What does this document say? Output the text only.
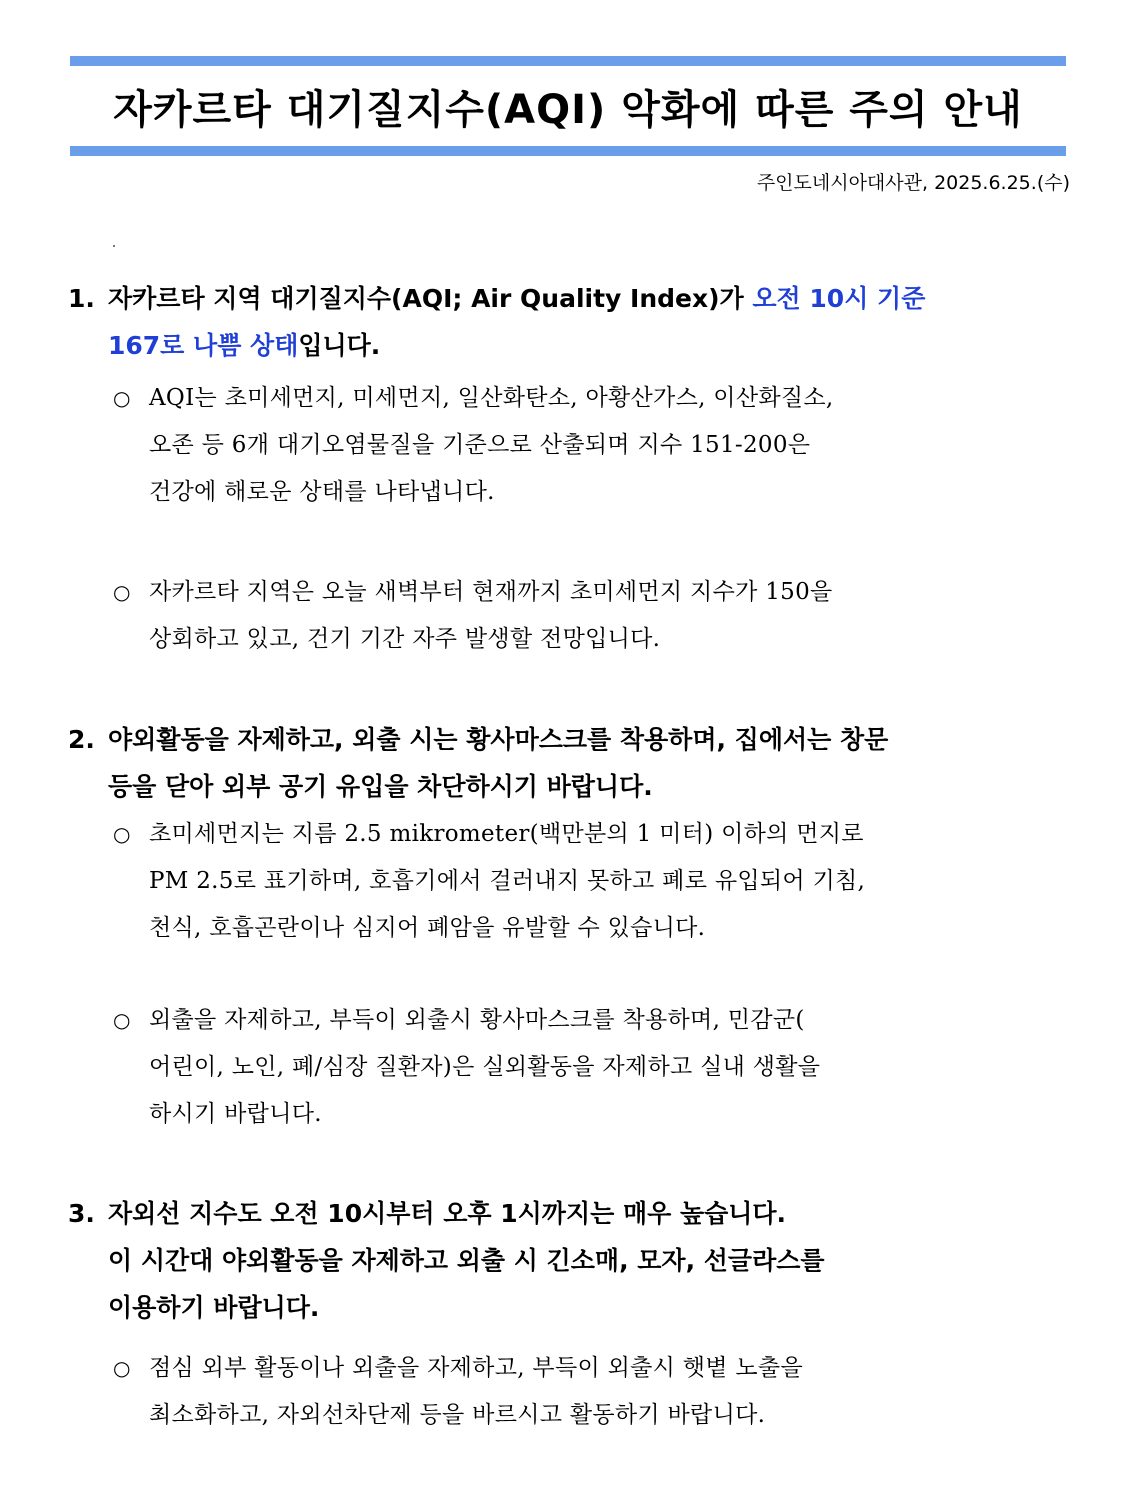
자카르타 대기질지수(AQI) 악화에 따른 주의 안내
주인도네시아대사관, 2025.6.25.(수)
1. 자카르타 지역 대기질지수(AQI; Air Quality Index)가 오전 10시 기준
167로 나쁨 상태입니다.
○ AQI는 초미세먼지, 미세먼지, 일산화탄소, 아황산가스, 이산화질소,
오존 등 6개 대기오염물질을 기준으로 산출되며 지수 151-200은
건강에 해로운 상태를 나타냅니다.
○ 자카르타 지역은 오늘 새벽부터 현재까지 초미세먼지 지수가 150을
상회하고 있고, 건기 기간 자주 발생할 전망입니다.
2. 야외활동을 자제하고, 외출 시는 황사마스크를 착용하며, 집에서는 창문
등을 닫아 외부 공기 유입을 차단하시기 바랍니다.
○ 초미세먼지는 지름 2.5 mikrometer(백만분의 1 미터) 이하의 먼지로
PM 2.5로 표기하며, 호흡기에서 걸러내지 못하고 폐로 유입되어 기침,
천식, 호흡곤란이나 심지어 폐암을 유발할 수 있습니다.
○ 외출을 자제하고, 부득이 외출시 황사마스크를 착용하며, 민감군(
어린이, 노인, 폐/심장 질환자)은 실외활동을 자제하고 실내 생활을
하시기 바랍니다.
3. 자외선 지수도 오전 10시부터 오후 1시까지는 매우 높습니다.
이 시간대 야외활동을 자제하고 외출 시 긴소매, 모자, 선글라스를
이용하기 바랍니다.
○ 점심 외부 활동이나 외출을 자제하고, 부득이 외출시 햇볕 노출을
최소화하고, 자외선차단제 등을 바르시고 활동하기 바랍니다.
